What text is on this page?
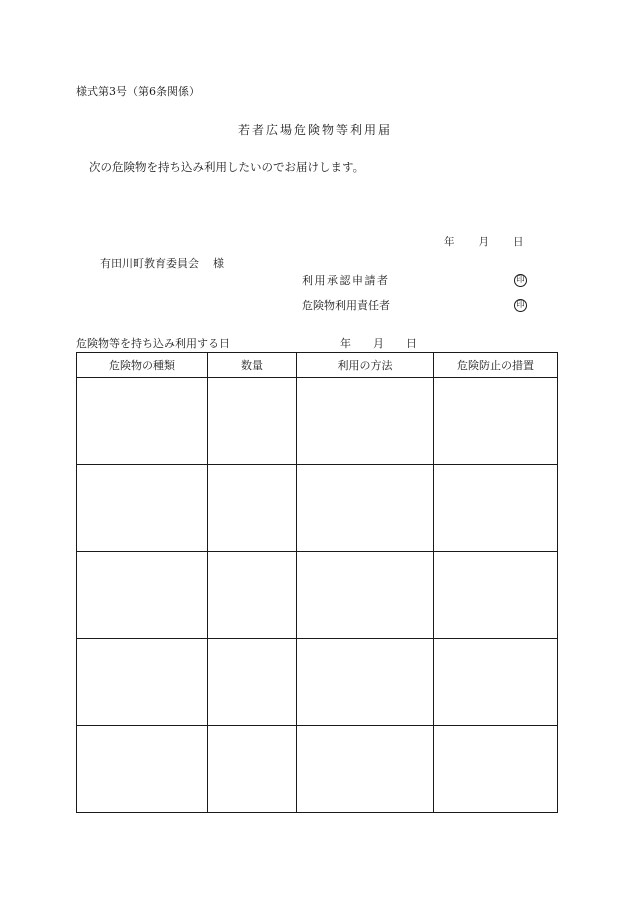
様式第3号（第6条関係）
若者広場危険物等利用届
次の危険物を持ち込み利用したいのでお届けします。
年 月 日
有田川町教育委員会 様
利用承認申請者	印
危険物利用責任者	印
危険物等を持ち込み利用する日	年 月 日
危険物の種類	数量	利用の方法	危険防止の措置
